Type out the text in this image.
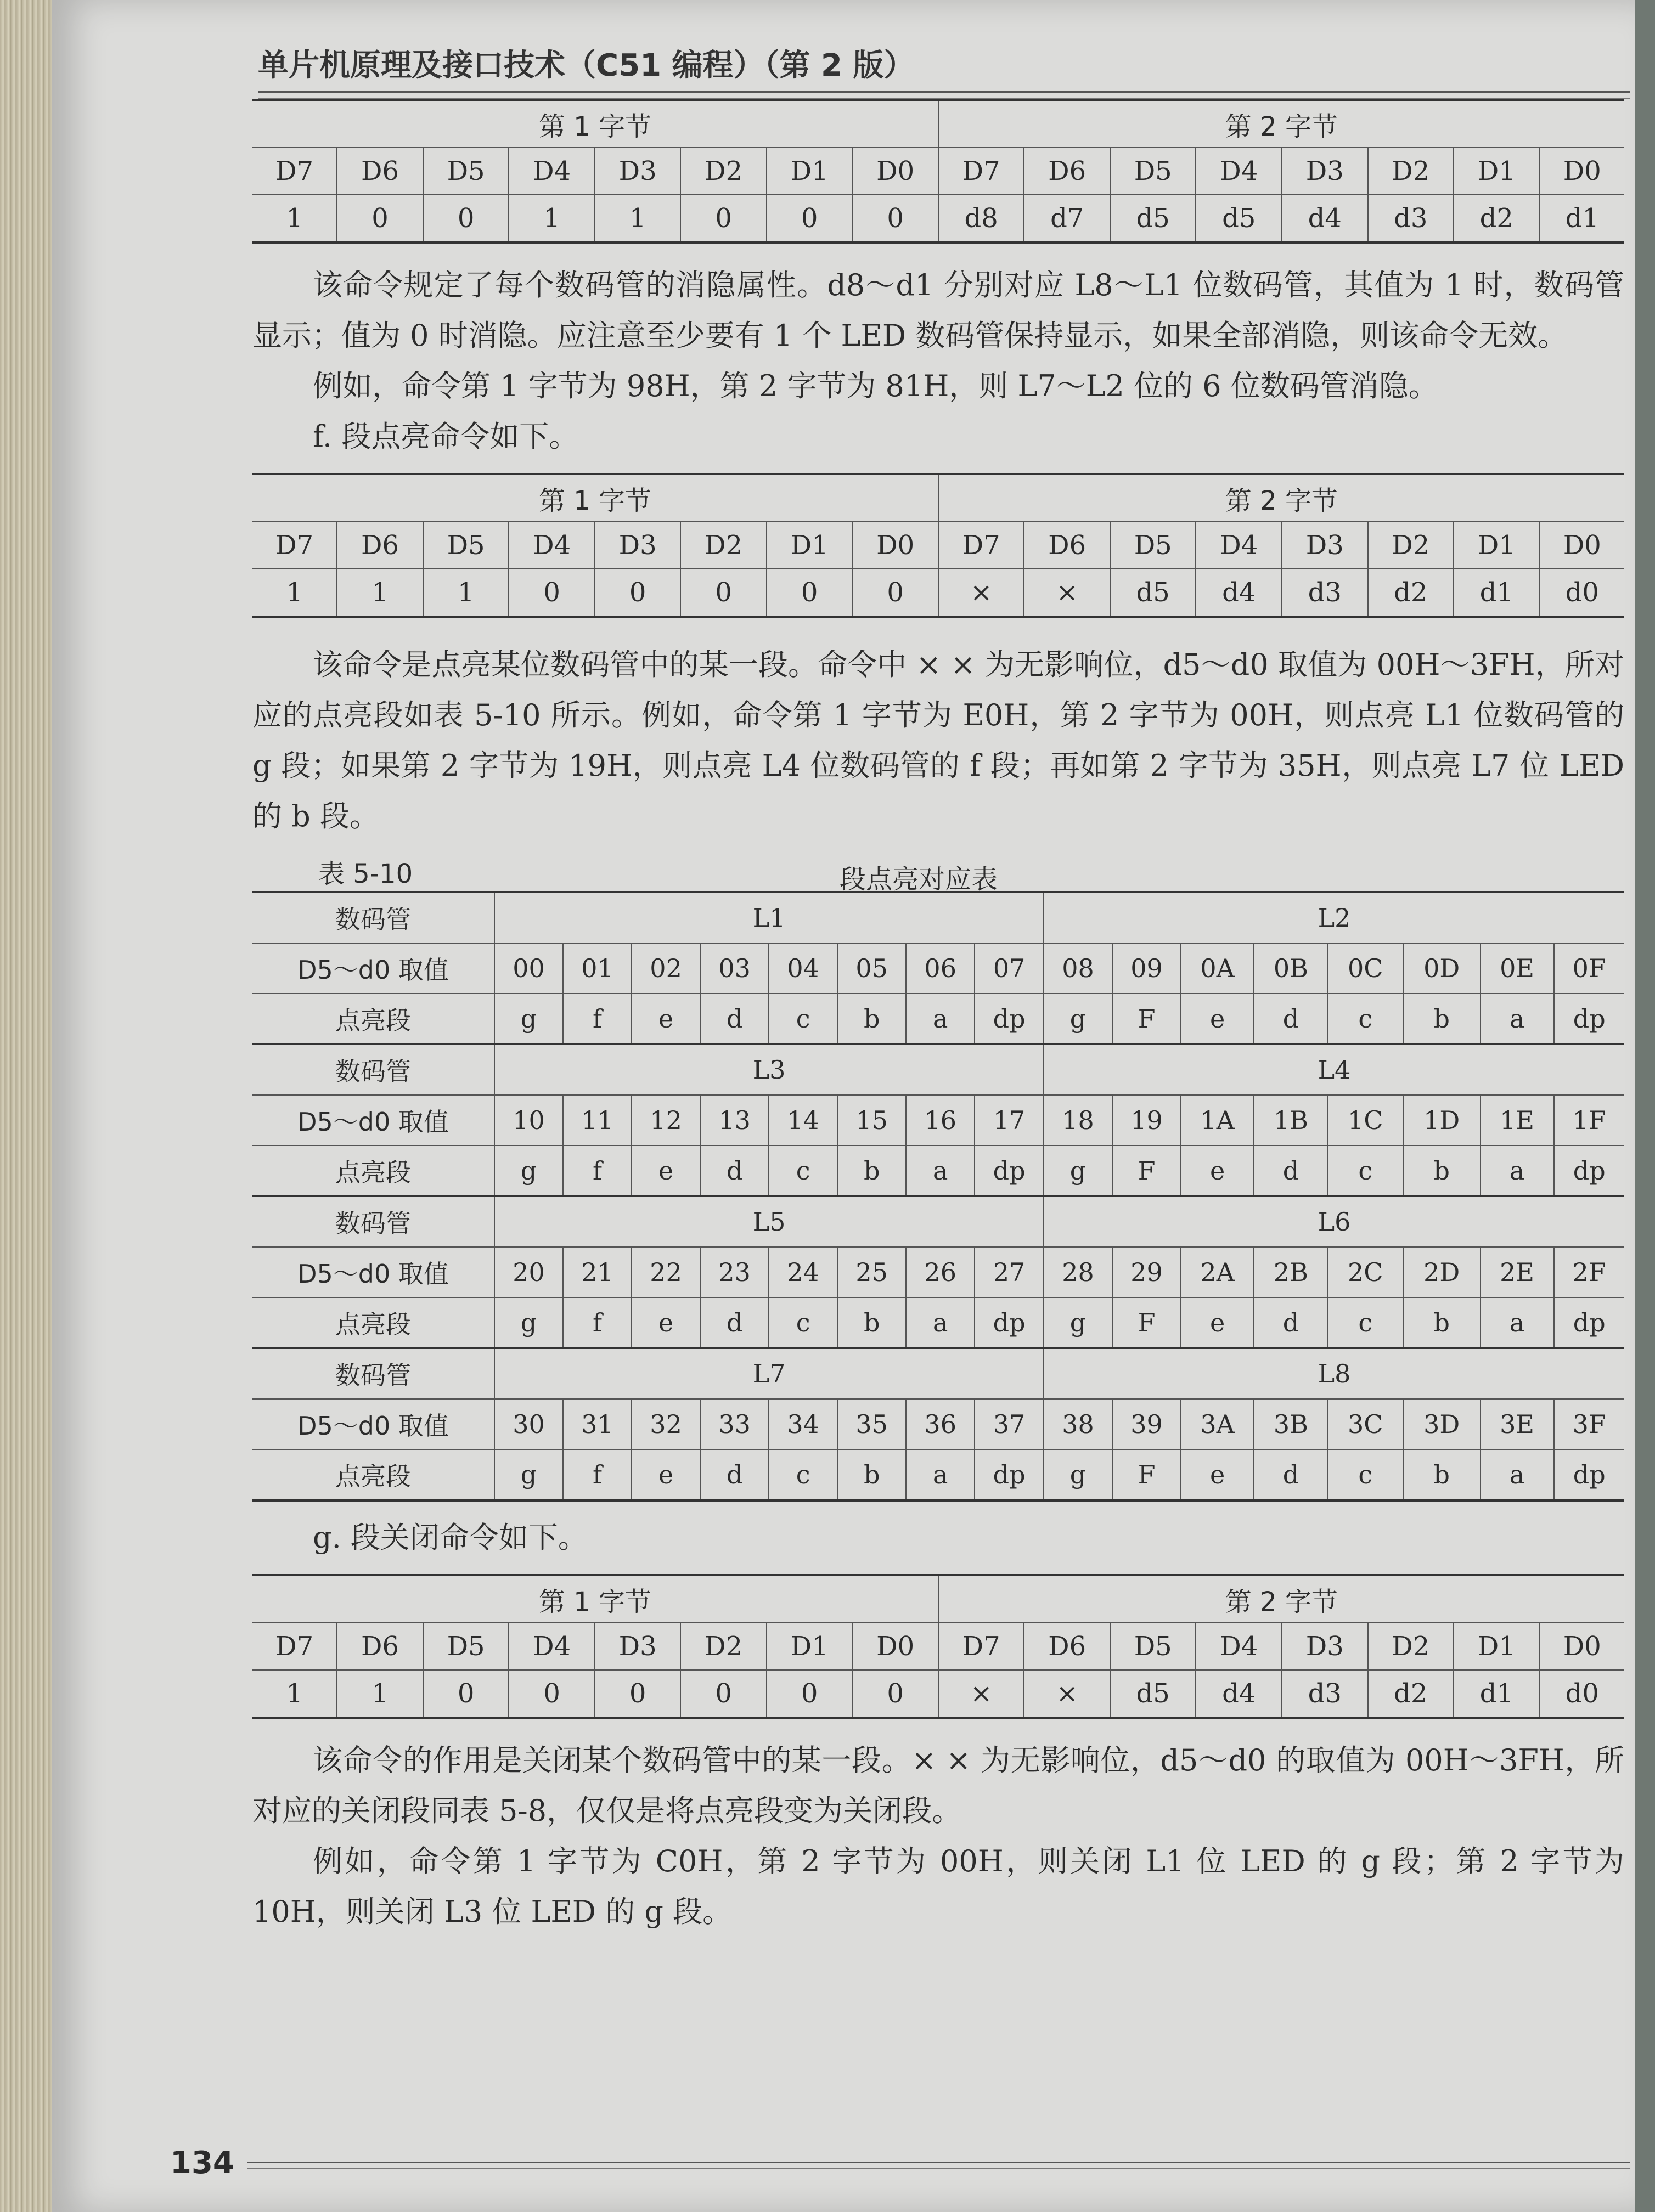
单片机原理及接口技术（C51 编程）（第 2 版）
第 1 字节								第 2 字节							
D7	D6	D5	D4	D3	D2	D1	D0	D7	D6	D5	D4	D3	D2	D1	D0
1	0	0	1	1	0	0	0	d8	d7	d5	d5	d4	d3	d2	d1

该命令规定了每个数码管的消隐属性。d8～d1 分别对应 L8～L1 位数码管，其值为 1 时，数码管显示；值为 0 时消隐。应注意至少要有 1 个 LED 数码管保持显示，如果全部消隐，则该命令无效。

例如，命令第 1 字节为 98H，第 2 字节为 81H，则 L7～L2 位的 6 位数码管消隐。

f. 段点亮命令如下。

第 1 字节								第 2 字节							
D7	D6	D5	D4	D3	D2	D1	D0	D7	D6	D5	D4	D3	D2	D1	D0
1	1	1	0	0	0	0	0	×	×	d5	d4	d3	d2	d1	d0

该命令是点亮某位数码管中的某一段。命令中 × × 为无影响位，d5～d0 取值为 00H～3FH，所对应的点亮段如表 5-10 所示。例如，命令第 1 字节为 E0H，第 2 字节为 00H，则点亮 L1 位数码管的 g 段；如果第 2 字节为 19H，则点亮 L4 位数码管的 f 段；再如第 2 字节为 35H，则点亮 L7 位 LED 的 b 段。

表 5-10	段点亮对应表
数码管	L1								L2							
D5～d0 取值	00	01	02	03	04	05	06	07	08	09	0A	0B	0C	0D	0E	0F
点亮段	g	f	e	d	c	b	a	dp	g	F	e	d	c	b	a	dp
数码管	L3								L4							
D5～d0 取值	10	11	12	13	14	15	16	17	18	19	1A	1B	1C	1D	1E	1F
点亮段	g	f	e	d	c	b	a	dp	g	F	e	d	c	b	a	dp
数码管	L5								L6							
D5～d0 取值	20	21	22	23	24	25	26	27	28	29	2A	2B	2C	2D	2E	2F
点亮段	g	f	e	d	c	b	a	dp	g	F	e	d	c	b	a	dp
数码管	L7								L8							
D5～d0 取值	30	31	32	33	34	35	36	37	38	39	3A	3B	3C	3D	3E	3F
点亮段	g	f	e	d	c	b	a	dp	g	F	e	d	c	b	a	dp

g. 段关闭命令如下。

第 1 字节								第 2 字节							
D7	D6	D5	D4	D3	D2	D1	D0	D7	D6	D5	D4	D3	D2	D1	D0
1	1	0	0	0	0	0	0	×	×	d5	d4	d3	d2	d1	d0

该命令的作用是关闭某个数码管中的某一段。× × 为无影响位，d5～d0 的取值为 00H～3FH，所对应的关闭段同表 5-8，仅仅是将点亮段变为关闭段。

例如，命令第 1 字节为 C0H，第 2 字节为 00H，则关闭 L1 位 LED 的 g 段；第 2 字节为 10H，则关闭 L3 位 LED 的 g 段。

134
